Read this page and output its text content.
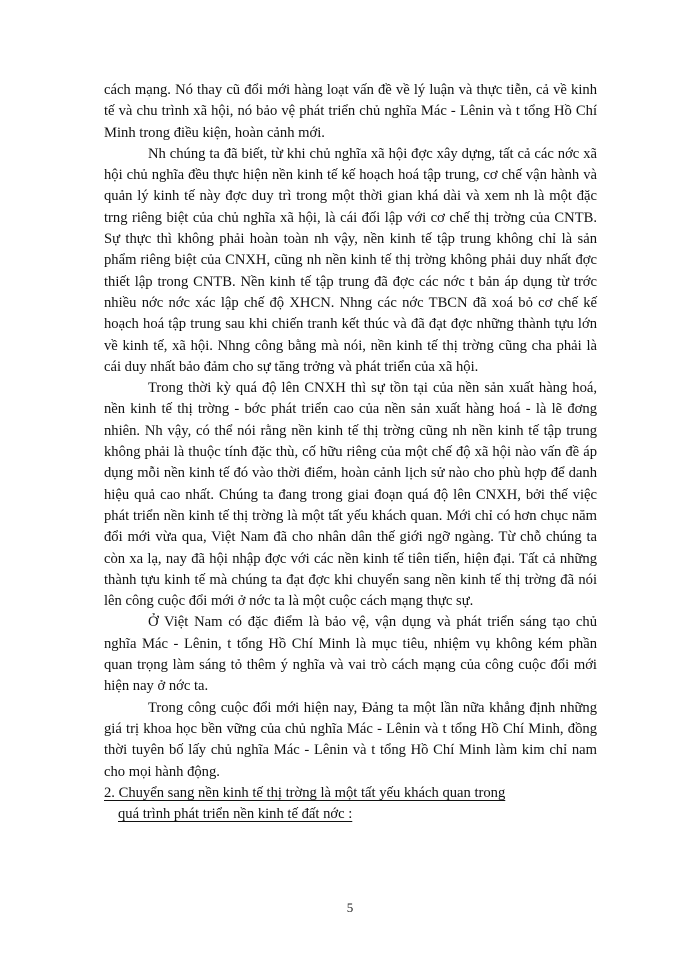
cách mạng. Nó thay cũ đổi mới hàng loạt vấn đề về lý luận và thực tiễn, cả về kinh tế và chu trình xã hội, nó bảo vệ phát triển chủ nghĩa Mác - Lênin và t tổng Hồ Chí Minh trong điều kiện, hoàn cảnh mới.

Nh chúng ta đã biết, từ khi chủ nghĩa xã hội đợc xây dựng, tất cả các nớc xã hội chủ nghĩa đều thực hiện nền kinh tế kế hoạch hoá tập trung, cơ chế vận hành và quản lý kinh tế này đợc duy trì trong một thời gian khá dài và xem nh là một đặc trng riêng biệt của chủ nghĩa xã hội, là cái đối lập với cơ chế thị trờng của CNTB. Sự thực thì không phải hoàn toàn nh vậy, nền kinh tế tập trung không chỉ là sản phẩm riêng biệt của CNXH, cũng nh nền kinh tế thị trờng không phải duy nhất đợc thiết lập trong CNTB. Nền kinh tế tập trung đã đợc các nớc t bản áp dụng từ trớc nhiều nớc nớc xác lập chế độ XHCN. Nhng các nớc TBCN đã xoá bỏ cơ chế kế hoạch hoá tập trung sau khi chiến tranh kết thúc và đã đạt đợc những thành tựu lớn về kinh tế, xã hội. Nhng công bằng mà nói, nền kinh tế thị trờng cũng cha phải là cái duy nhất bảo đảm cho sự tăng trởng và phát triển của xã hội.

Trong thời kỳ quá độ lên CNXH thì sự tồn tại của nền sản xuất hàng hoá, nền kinh tế thị trờng - bớc phát triển cao của nền sản xuất hàng hoá - là lẽ đơng nhiên. Nh vậy, có thể nói rằng nền kinh tế thị trờng cũng nh nền kinh tế tập trung không phải là thuộc tính đặc thù, cố hữu riêng của một chế độ xã hội nào vấn đề áp dụng mỗi nền kinh tế đó vào thời điểm, hoàn cảnh lịch sử nào cho phù hợp để danh hiệu quả cao nhất. Chúng ta đang trong giai đoạn quá độ lên CNXH, bởi thế việc phát triển nền kinh tế thị trờng là một tất yếu khách quan. Mới chỉ có hơn chục năm đổi mới vừa qua, Việt Nam đã cho nhân dân thế giới ngỡ ngàng. Từ chỗ chúng ta còn xa lạ, nay đã hội nhập đợc với các nền kinh tế tiên tiến, hiện đại. Tất cả những thành tựu kinh tế mà chúng ta đạt đợc khi chuyển sang nền kinh tế thị trờng đã nói lên công cuộc đổi mới ở nớc ta là một cuộc cách mạng thực sự.

Ở Việt Nam có đặc điểm là bảo vệ, vận dụng và phát triển sáng tạo chủ nghĩa Mác - Lênin, t tổng Hồ Chí Minh là mục tiêu, nhiệm vụ không kém phần quan trọng làm sáng tỏ thêm ý nghĩa và vai trò cách mạng của công cuộc đổi mới hiện nay ở nớc ta.

Trong công cuộc đổi mới hiện nay, Đảng ta một lần nữa khẳng định những giá trị khoa học bền vững của chủ nghĩa Mác - Lênin và t tổng Hồ Chí Minh, đồng thời tuyên bố lấy chủ nghĩa Mác - Lênin và t tổng Hồ Chí Minh làm kim chỉ nam cho mọi hành động.

2. Chuyển sang nền kinh tế thị trờng là một tất yếu khách quan trong
quá trình phát triển nền kinh tế đất nớc :

5
